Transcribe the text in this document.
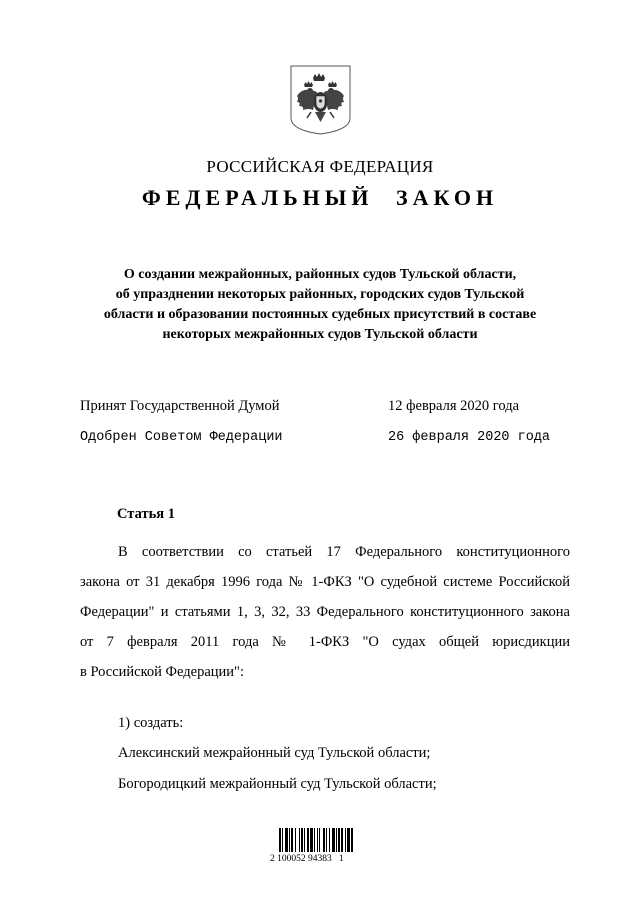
РОССИЙСКАЯ ФЕДЕРАЦИЯ
ФЕДЕРАЛЬНЫЙ ЗАКОН
О создании межрайонных, районных судов Тульской области,
об упразднении некоторых районных, городских судов Тульской
области и образовании постоянных судебных присутствий в составе
некоторых межрайонных судов Тульской области
Принят Государственной Думой	12 февраля 2020 года
Одобрен Советом Федерации	26 февраля 2020 года
Статья 1

В соответствии со статьей 17 Федерального конституционного

закона от 31 декабря 1996 года № 1-ФКЗ "О судебной системе Российской

Федерации" и статьями 1, 3, 32, 33 Федерального конституционного закона

от 7 февраля 2011 года № 1-ФКЗ "О судах общей юрисдикции

в Российской Федерации":

1) создать:
Алексинский межрайонный суд Тульской области;
Богородицкий межрайонный суд Тульской области;
2 100052 94383   1
